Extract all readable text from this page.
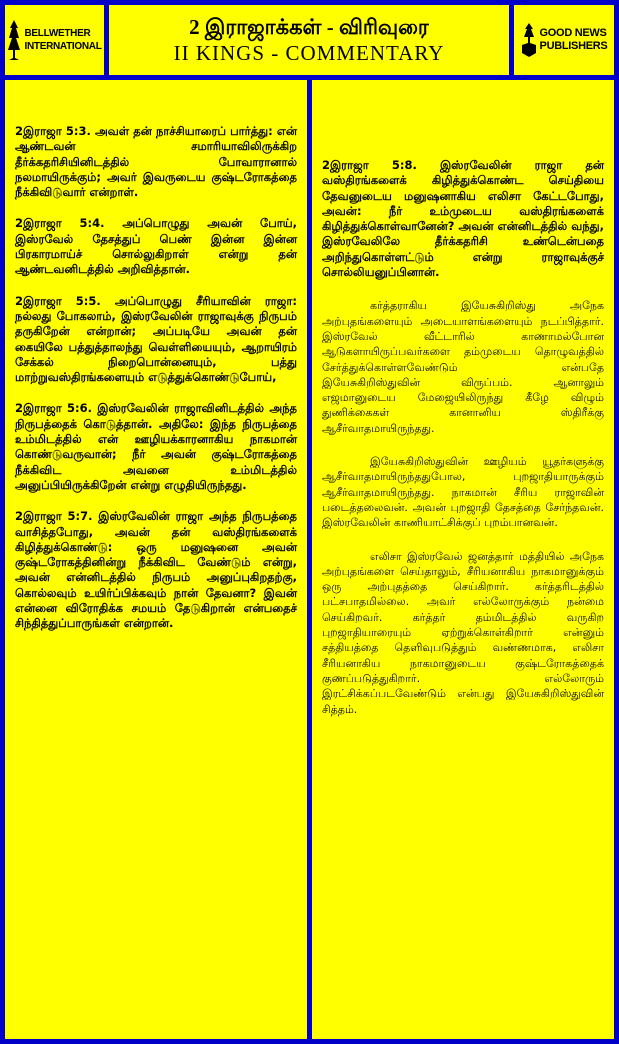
BELLWETHER
INTERNATIONAL
2 இராஜாக்கள் - விரிவுரை
II KINGS - COMMENTARY
GOOD NEWS
PUBLISHERS

2இராஜா 5:3. அவள் தன் நாச்சியாரைப் பார்த்து: என் ஆண்டவன் சமாரியாவிலிருக்கிற தீர்க்கதரிசியினிடத்தில் போவாரானால் நலமாயிருக்கும்; அவர் இவருடைய குஷ்டரோகத்தை நீக்கிவிடுவார் என்றாள்.

2இராஜா 5:4. அப்பொழுது அவன் போய், இஸ்ரவேல் தேசத்துப் பெண் இன்ன இன்ன பிரகாரமாய்ச் சொல்லுகிறாள் என்று தன் ஆண்டவனிடத்தில் அறிவித்தான்.

2இராஜா 5:5. அப்பொழுது சீரியாவின் ராஜா: நல்லது போகலாம், இஸ்ரவேலின் ராஜாவுக்கு நிருபம் தருகிறேன் என்றான்; அப்படியே அவன் தன் கையிலே பத்துத்தாலந்து வெள்ளியையும், ஆறாயிரம் சேக்கல் நிறைபொன்னையும், பத்து மாற்றுவஸ்திரங்களையும் எடுத்துக்கொண்டுபோய்,

2இராஜா 5:6. இஸ்ரவேலின் ராஜாவினிடத்தில் அந்த நிருபத்தைக் கொடுத்தான். அதிலே: இந்த நிருபத்தை உம்மிடத்தில் என் ஊழியக்காரனாகிய நாகமான் கொண்டுவருவான்; நீர் அவன் குஷ்டரோகத்தை நீக்கிவிட அவனை உம்மிடத்தில் அனுப்பியிருக்கிறேன் என்று எழுதியிருந்தது.

2இராஜா 5:7. இஸ்ரவேலின் ராஜா அந்த நிருபத்தை வாசித்தபோது, அவன் தன் வஸ்திரங்களைக் கிழித்துக்கொண்டு: ஒரு மனுஷனை அவன் குஷ்டரோகத்தினின்று நீக்கிவிட வேண்டும் என்று, அவன் என்னிடத்தில் நிருபம் அனுப்புகிறதற்கு, கொல்லவும் உயிர்ப்பிக்கவும் நான் தேவனா? இவன் என்னை விரோதிக்க சமயம் தேடுகிறான் என்பதைச் சிந்தித்துப்பாருங்கள் என்றான்.

2இராஜா 5:8. இஸ்ரவேலின் ராஜா தன் வஸ்திரங்களைக் கிழித்துக்கொண்ட செய்தியை தேவனுடைய மனுஷனாகிய எலிசா கேட்டபோது, அவன்: நீர் உம்முடைய வஸ்திரங்களைக் கிழித்துக்கொள்வானேன்? அவன் என்னிடத்தில் வந்து, இஸ்ரவேலிலே தீர்க்கதரிசி உண்டென்பதை அறிந்துகொள்ளட்டும் என்று ராஜாவுக்குச் சொல்லியனுப்பினான்.

கர்த்தராகிய இயேசுகிறிஸ்து அநேக அற்புதங்களையும் அடையாளங்களையும் நடப்பித்தார். இஸ்ரவேல் வீட்டாரில் காணாமல்போன ஆடுகளாயிருப்பவர்களை தம்முடைய தொழுவத்தில் சேர்த்துக்கொள்ளவேண்டும் என்பதே இயேசுகிறிஸ்துவின் விருப்பம். ஆனாலும் எஜமானுடைய மேஜையிலிருந்து கீழே விழும் துணிக்கைகள் கானானிய ஸ்திரீக்கு ஆசீர்வாதமாயிருந்தது.

இயேசுகிறிஸ்துவின் ஊழியம் யூதர்களுக்கு ஆசீர்வாதமாயிருந்ததுபோல, புறஜாதியாருக்கும் ஆசீர்வாதமாயிருந்தது. நாகமான் சீரிய ராஜாவின் படைத்தலைவன். அவன் புறஜாதி தேசத்தை சேர்ந்தவன். இஸ்ரவேலின் காணியாட்சிக்குப் புறம்பானவன்.

எலிசா இஸ்ரவேல் ஜனத்தார் மத்தியில் அநேக அற்புதங்களை செய்தாலும், சீரியனாகிய நாகமானுக்கும் ஒரு அற்புதத்தை செய்கிறார். கர்த்தரிடத்தில் பட்சபாதமில்லை. அவர் எல்லோருக்கும் நன்மை செய்கிறவர். கர்த்தர் தம்மிடத்தில் வருகிற புறஜாதியாரையும் ஏற்றுக்கொள்கிறார் என்னும் சத்தியத்தை தெளிவுபடுத்தும் வண்ணமாக, எலிசா சீரியனாகிய நாகமானுடைய குஷ்டரோகத்தைக் குணப்படுத்துகிறார். எல்லோரும் இரட்சிக்கப்படவேண்டும் என்பது இயேசுகிறிஸ்துவின் சித்தம்.
